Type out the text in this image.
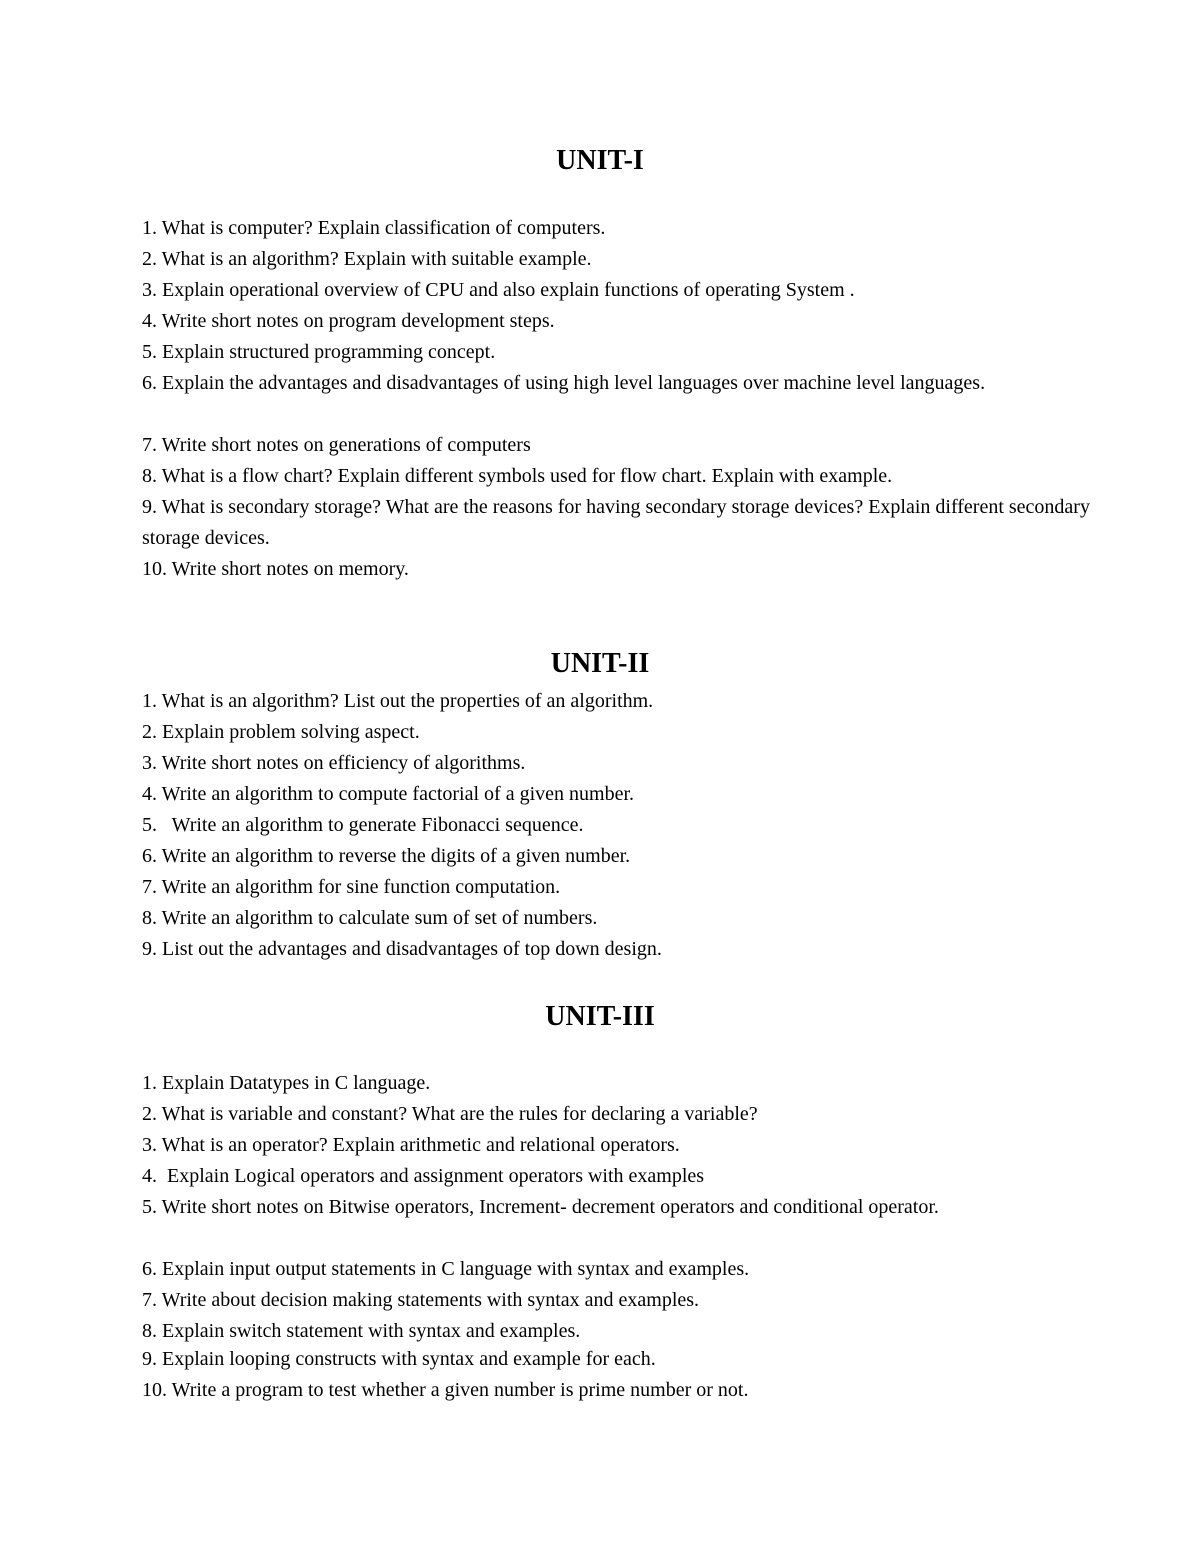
UNIT-I

1. What is computer? Explain classification of computers.

2. What is an algorithm? Explain with suitable example.

3. Explain operational overview of CPU and also explain functions of operating System .

4. Write short notes on program development steps.

5. Explain structured programming concept.

6. Explain the advantages and disadvantages of using high level languages over machine level languages.

7. Write short notes on generations of computers

8. What is a flow chart? Explain different symbols used for flow chart. Explain with example.

9. What is secondary storage? What are the reasons for having secondary storage devices? Explain different secondary storage devices.

10. Write short notes on memory.

UNIT-II

1. What is an algorithm? List out the properties of an algorithm.

2. Explain problem solving aspect.

3. Write short notes on efficiency of algorithms.

4. Write an algorithm to compute factorial of a given number.

5.   Write an algorithm to generate Fibonacci sequence.

6. Write an algorithm to reverse the digits of a given number.

7. Write an algorithm for sine function computation.

8. Write an algorithm to calculate sum of set of numbers.

9. List out the advantages and disadvantages of top down design.

UNIT-III

1. Explain Datatypes in C language.

2. What is variable and constant? What are the rules for declaring a variable?

3. What is an operator? Explain arithmetic and relational operators.

4.  Explain Logical operators and assignment operators with examples

5. Write short notes on Bitwise operators, Increment- decrement operators and conditional operator.

6. Explain input output statements in C language with syntax and examples.

7. Write about decision making statements with syntax and examples.

8. Explain switch statement with syntax and examples.

9. Explain looping constructs with syntax and example for each.

10. Write a program to test whether a given number is prime number or not.
